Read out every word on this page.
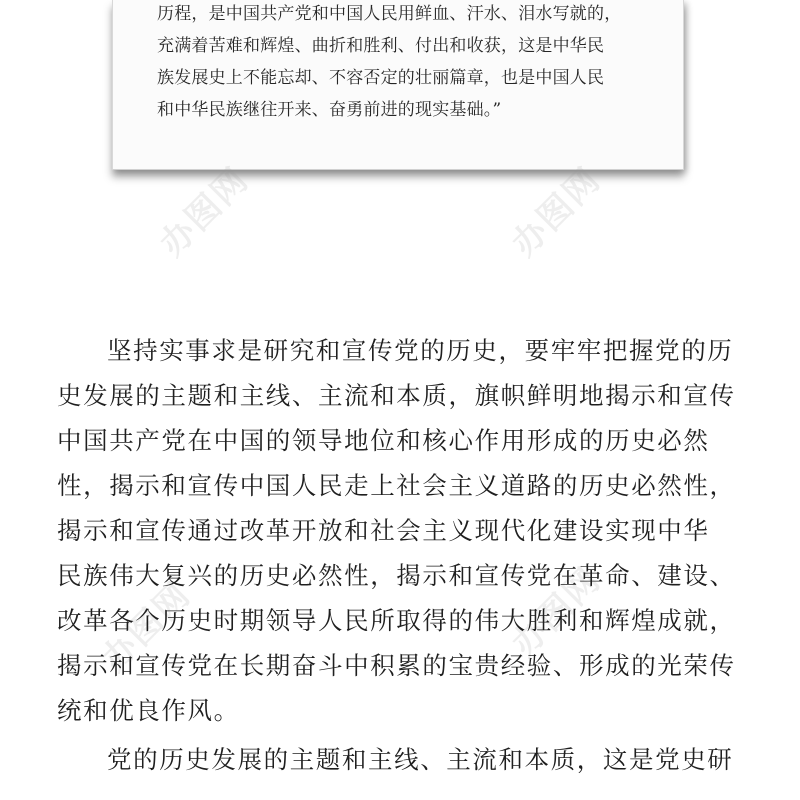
历程，是中国共产党和中国人民用鲜血、汗水、泪水写就的，
充满着苦难和辉煌、曲折和胜利、付出和收获，这是中华民
族发展史上不能忘却、不容否定的壮丽篇章，也是中国人民
和中华民族继往开来、奋勇前进的现实基础。”
办图网	办图网
办图网	办图网
坚持实事求是研究和宣传党的历史，要牢牢把握党的历
史发展的主题和主线、主流和本质，旗帜鲜明地揭示和宣传
中国共产党在中国的领导地位和核心作用形成的历史必然
性，揭示和宣传中国人民走上社会主义道路的历史必然性，
揭示和宣传通过改革开放和社会主义现代化建设实现中华
民族伟大复兴的历史必然性，揭示和宣传党在革命、建设、
改革各个历史时期领导人民所取得的伟大胜利和辉煌成就，
揭示和宣传党在长期奋斗中积累的宝贵经验、形成的光荣传
统和优良作风。
党的历史发展的主题和主线、主流和本质，这是党史研
